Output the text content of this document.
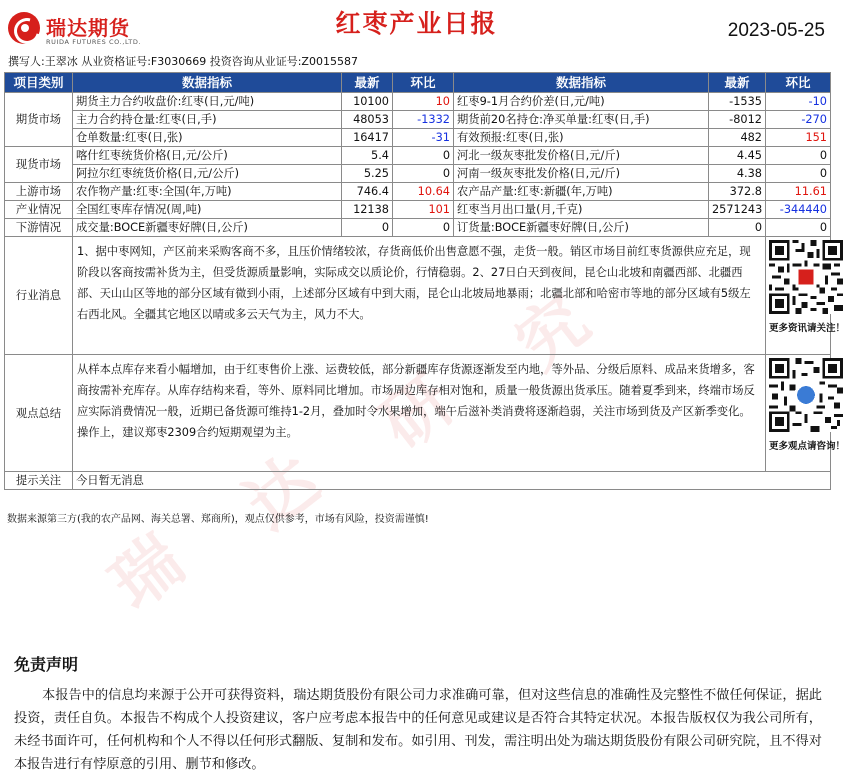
瑞
达
研
究
瑞达期货
RUIDA FUTURES CO.,LTD.
红枣产业日报	2023-05-25
撰写人:王翠冰 从业资格证号:F3030669 投资咨询从业证号:Z0015587
项目类别	数据指标	最新	环比	数据指标	最新	环比
期货市场	期货主力合约收盘价:红枣(日,元/吨)	10100	10	红枣9-1月合约价差(日,元/吨)	-1535	-10
	主力合约持仓量:红枣(日,手)	48053	-1332	期货前20名持仓:净买单量:红枣(日,手)	-8012	-270
	仓单数量:红枣(日,张)	16417	-31	有效预报:红枣(日,张)	482	151
现货市场	喀什红枣统货价格(日,元/公斤)	5.4	0	河北一级灰枣批发价格(日,元/斤)	4.45	0
	阿拉尔红枣统货价格(日,元/公斤)	5.25	0	河南一级灰枣批发价格(日,元/斤)	4.38	0
上游市场	农作物产量:红枣:全国(年,万吨)	746.4	10.64	农产品产量:红枣:新疆(年,万吨)	372.8	11.61
产业情况	全国红枣库存情况(周,吨)	12138	101	红枣当月出口量(月,千克)	2571243	-344440
下游情况	成交量:BOCE新疆枣好牌(日,公斤)	0	0	订货量:BOCE新疆枣好牌(日,公斤)	0	0
行业消息	1、据中枣网知，产区前来采购客商不多，且压价情绪较浓，存货商低价出售意愿不强，走货一般。销区市场目前红枣货源供应充足，现阶段以客商按需补货为主，但受货源质量影响，实际成交以质论价，行情稳弱。2、27日白天到夜间，昆仑山北坡和南疆西部、北疆西部、天山山区等地的部分区域有微到小雨，上述部分区域有中到大雨，昆仑山北坡局地暴雨；北疆北部和哈密市等地的部分区域有5级左右西北风。全疆其它地区以晴或多云天气为主，风力不大。					更多资讯请关注！

观点总结	从样本点库存来看小幅增加，由于红枣售价上涨、运费较低，部分新疆库存货源逐渐发至内地，等外品、分级后原料、成品来货增多，客商按需补充库存。从库存结构来看，等外、原料同比增加。市场周边库存相对饱和，质量一般货源出货承压。随着夏季到来，终端市场反应实际消费情况一般，近期已备货源可维持1-2月，叠加时令水果增加，端午后滋补类消费将逐渐趋弱，关注市场到货及产区新季变化。操作上，建议郑枣2309合约短期观望为主。					更多观点请咨询！

提示关注	今日暂无消息					
数据来源第三方(我的农产品网、海关总署、郑商所)，观点仅供参考，市场有风险，投资需谨慎!
免责声明
本报告中的信息均来源于公开可获得资料，瑞达期货股份有限公司力求准确可靠，但对这些信息的准确性及完整性不做任何保证，据此投资，责任自负。本报告不构成个人投资建议，客户应考虑本报告中的任何意见或建议是否符合其特定状况。本报告版权仅为我公司所有，未经书面许可，任何机构和个人不得以任何形式翻版、复制和发布。如引用、刊发，需注明出处为瑞达期货股份有限公司研究院，且不得对本报告进行有悖原意的引用、删节和修改。
